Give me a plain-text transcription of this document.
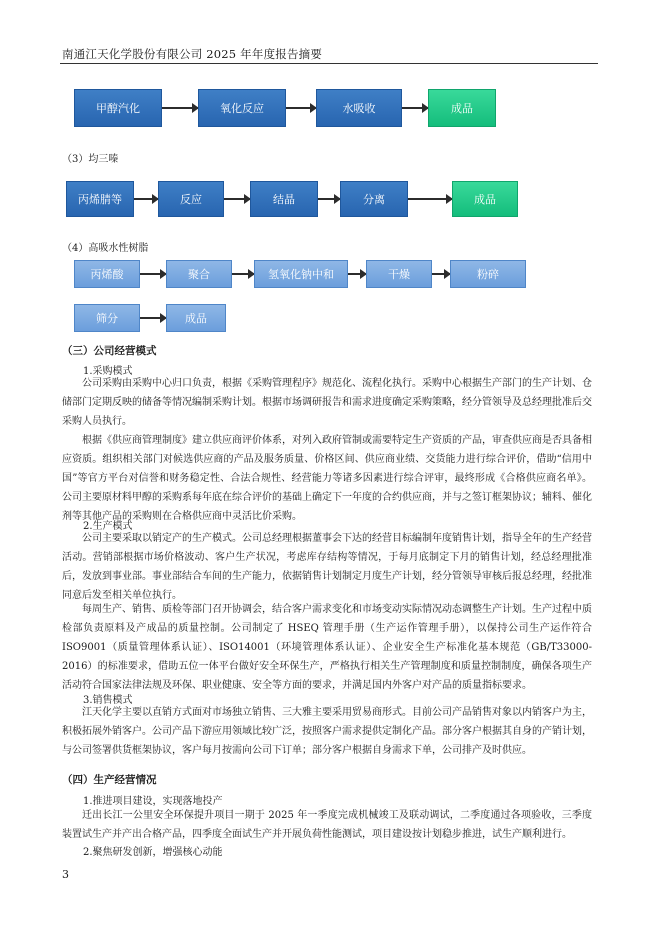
南通江天化学股份有限公司 2025 年年度报告摘要
甲醇汽化	氧化反应	水吸收	成品
（3）均三嗪
丙烯腈等	反应	结晶	分离	成品
（4）高吸水性树脂
丙烯酸	聚合	氢氧化钠中和	干燥	粉碎
筛分	成品
（三）公司经营模式
1.采购模式

公司采购由采购中心归口负责，根据《采购管理程序》规范化、流程化执行。采购中心根据生产部门的生产计划、仓储部门定期反映的储备等情况编制采购计划。根据市场调研报告和需求进度确定采购策略，经分管领导及总经理批准后交采购人员执行。

根据《供应商管理制度》建立供应商评价体系，对列入政府管制或需要特定生产资质的产品，审查供应商是否具备相应资质。组织相关部门对候选供应商的产品及服务质量、价格区间、供应商业绩、交货能力进行综合评价，借助“信用中国”等官方平台对信誉和财务稳定性、合法合规性、经营能力等诸多因素进行综合评审，最终形成《合格供应商名单》。公司主要原材料甲醇的采购系每年底在综合评价的基础上确定下一年度的合约供应商，并与之签订框架协议；辅料、催化剂等其他产品的采购则在合格供应商中灵活比价采购。

2.生产模式

公司主要采取以销定产的生产模式。公司总经理根据董事会下达的经营目标编制年度销售计划，指导全年的生产经营活动。营销部根据市场价格波动、客户生产状况，考虑库存结构等情况，于每月底制定下月的销售计划，经总经理批准后，发放到事业部。事业部结合车间的生产能力，依据销售计划制定月度生产计划，经分管领导审核后报总经理，经批准同意后发至相关单位执行。

每周生产、销售、质检等部门召开协调会，结合客户需求变化和市场变动实际情况动态调整生产计划。生产过程中质检部负责原料及产成品的质量控制。公司制定了 HSEQ 管理手册（生产运作管理手册），以保持公司生产运作符合 ISO9001（质量管理体系认证）、ISO14001（环境管理体系认证）、企业安全生产标准化基本规范（GB/T33000-2016）的标准要求，借助五位一体平台做好安全环保生产，严格执行相关生产管理制度和质量控制制度，确保各项生产活动符合国家法律法规及环保、职业健康、安全等方面的要求，并满足国内外客户对产品的质量指标要求。

3.销售模式

江天化学主要以直销方式面对市场独立销售、三大雅主要采用贸易商形式。目前公司产品销售对象以内销客户为主，积极拓展外销客户。公司产品下游应用领域比较广泛，按照客户需求提供定制化产品。部分客户根据其自身的产销计划，与公司签署供货框架协议，客户每月按需向公司下订单；部分客户根据自身需求下单，公司排产及时供应。

（四）生产经营情况
1.推进项目建设，实现落地投产

迁出长江一公里安全环保提升项目一期于 2025 年一季度完成机械竣工及联动调试，二季度通过各项验收，三季度装置试生产并产出合格产品，四季度全面试生产并开展负荷性能测试，项目建设按计划稳步推进，试生产顺利进行。

2.聚焦研发创新，增强核心动能
3
